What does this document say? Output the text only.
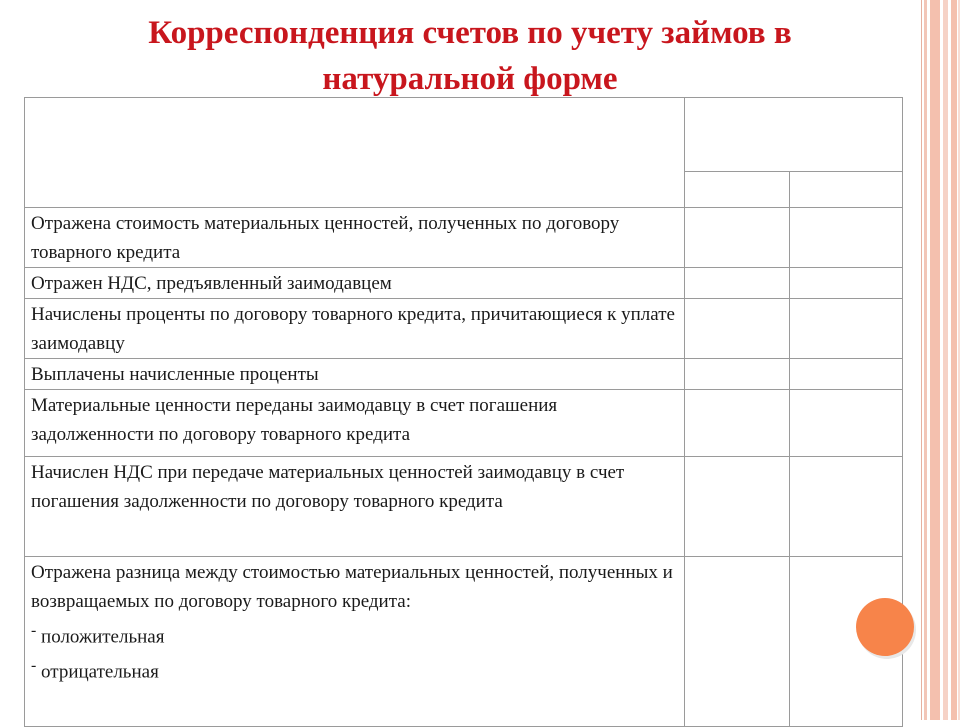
Корреспонденция счетов по учету займов в натуральной форме

Отражена стоимость материальных ценностей, полученных по договору товарного кредита		
Отражен НДС, предъявленный заимодавцем		
Начислены проценты по договору товарного кредита, причитающиеся к уплате заимодавцу		
Выплачены начисленные проценты		
Материальные ценности переданы заимодавцу в счет погашения задолженности по договору товарного кредита		
Начислен НДС при передаче материальных ценностей заимодавцу в счет погашения задолженности по договору товарного кредита		
Отражена разница между стоимостью материальных ценностей, полученных и возвращаемых по договору товарного кредита:
- положительная
- отрицательная		
